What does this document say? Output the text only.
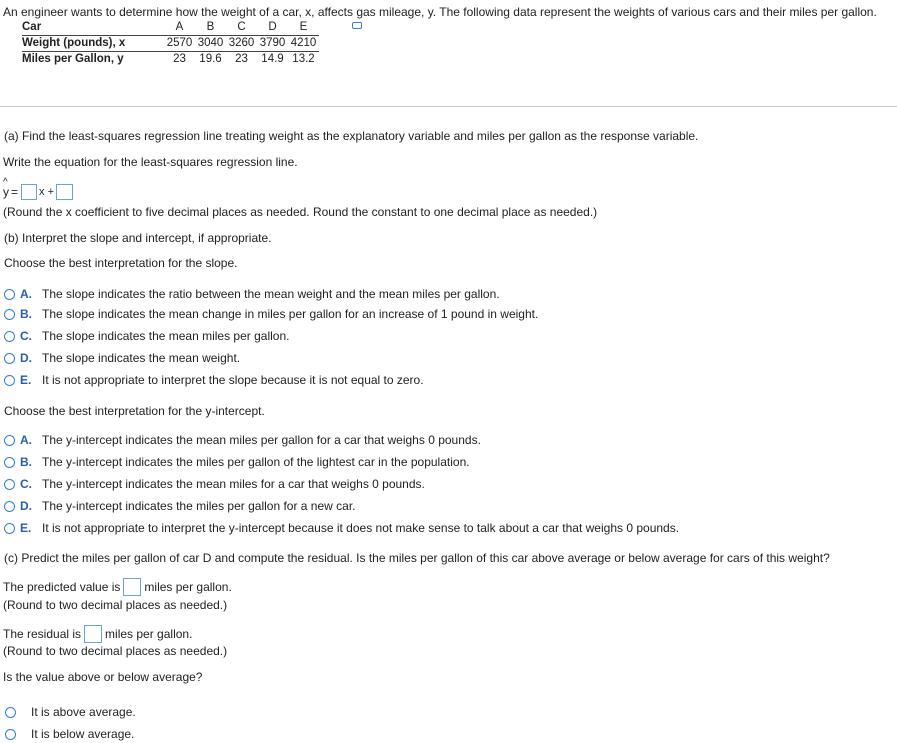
An engineer wants to determine how the weight of a car, x, affects gas mileage, y. The following data represent the weights of various cars and their miles per gallon.
Car	A	B	C	D	E
Weight (pounds), x	2570	3040	3260	3790	4210
Miles per Gallon, y	23	19.6	23	14.9	13.2
(a) Find the least-squares regression line treating weight as the explanatory variable and miles per gallon as the response variable.
Write the equation for the least-squares regression line.
^
y = x +
(Round the x coefficient to five decimal places as needed. Round the constant to one decimal place as needed.)
(b) Interpret the slope and intercept, if appropriate.
Choose the best interpretation for the slope.
A. The slope indicates the ratio between the mean weight and the mean miles per gallon.
B. The slope indicates the mean change in miles per gallon for an increase of 1 pound in weight.
C. The slope indicates the mean miles per gallon.
D. The slope indicates the mean weight.
E. It is not appropriate to interpret the slope because it is not equal to zero.
Choose the best interpretation for the y-intercept.
A. The y-intercept indicates the mean miles per gallon for a car that weighs 0 pounds.
B. The y-intercept indicates the miles per gallon of the lightest car in the population.
C. The y-intercept indicates the mean miles for a car that weighs 0 pounds.
D. The y-intercept indicates the miles per gallon for a new car.
E. It is not appropriate to interpret the y-intercept because it does not make sense to talk about a car that weighs 0 pounds.
(c) Predict the miles per gallon of car D and compute the residual. Is the miles per gallon of this car above average or below average for cars of this weight?
The predicted value is miles per gallon.
(Round to two decimal places as needed.)
The residual is miles per gallon.
(Round to two decimal places as needed.)
Is the value above or below average?
It is above average.
It is below average.
